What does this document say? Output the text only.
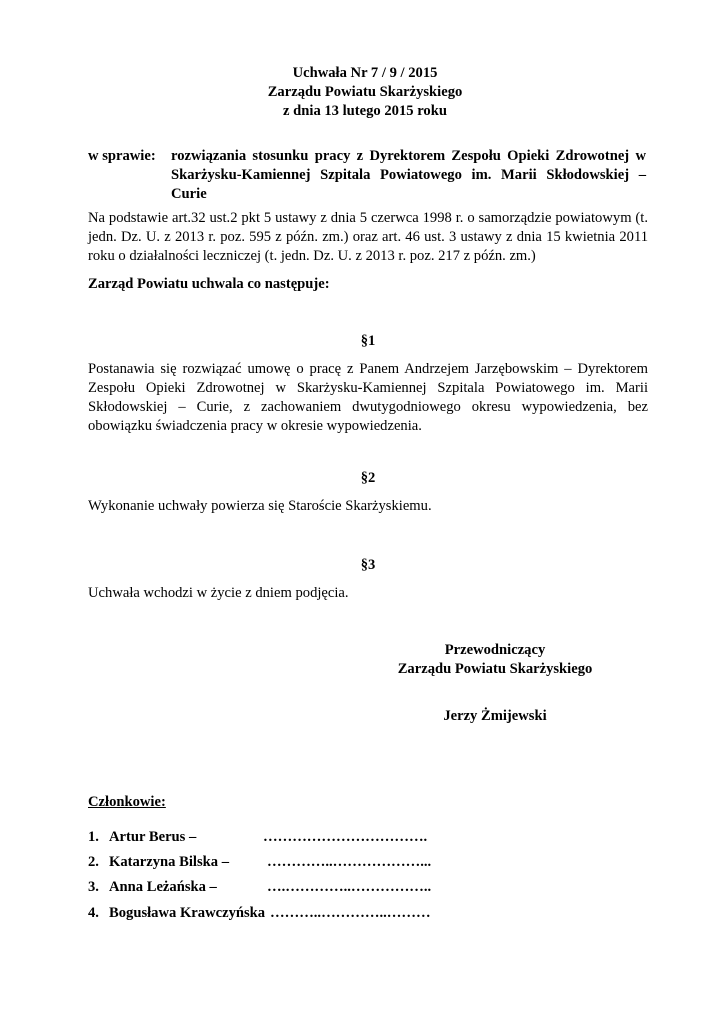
Uchwała Nr 7 / 9 / 2015
Zarządu Powiatu Skarżyskiego
z dnia 13 lutego 2015 roku
w sprawie: rozwiązania stosunku pracy z Dyrektorem Zespołu Opieki Zdrowotnej w Skarżysku-Kamiennej Szpitala Powiatowego im. Marii Skłodowskiej – Curie
Na podstawie art.32 ust.2 pkt 5 ustawy z dnia 5 czerwca 1998 r. o samorządzie powiatowym (t. jedn. Dz. U. z 2013 r. poz. 595 z późn. zm.) oraz art. 46 ust. 3 ustawy z dnia 15 kwietnia 2011 roku o działalności leczniczej (t. jedn. Dz. U. z 2013 r. poz. 217 z późn. zm.)
Zarząd Powiatu uchwala co następuje:
§1
Postanawia się rozwiązać umowę o pracę z Panem Andrzejem Jarzębowskim – Dyrektorem Zespołu Opieki Zdrowotnej w Skarżysku-Kamiennej Szpitala Powiatowego im. Marii Skłodowskiej – Curie, z zachowaniem dwutygodniowego okresu wypowiedzenia, bez obowiązku świadczenia pracy w okresie wypowiedzenia.
§2
Wykonanie uchwały powierza się Staroście Skarżyskiemu.
§3
Uchwała wchodzi w życie z dniem podjęcia.
Przewodniczący
Zarządu Powiatu Skarżyskiego
Jerzy Żmijewski
Członkowie:
1. Artur Berus –	…………………………….
2. Katarzyna Bilska –	…………..………………...
3. Anna Leżańska –	….…………..……………..
4. Bogusława Krawczyńska ………..…………..………
